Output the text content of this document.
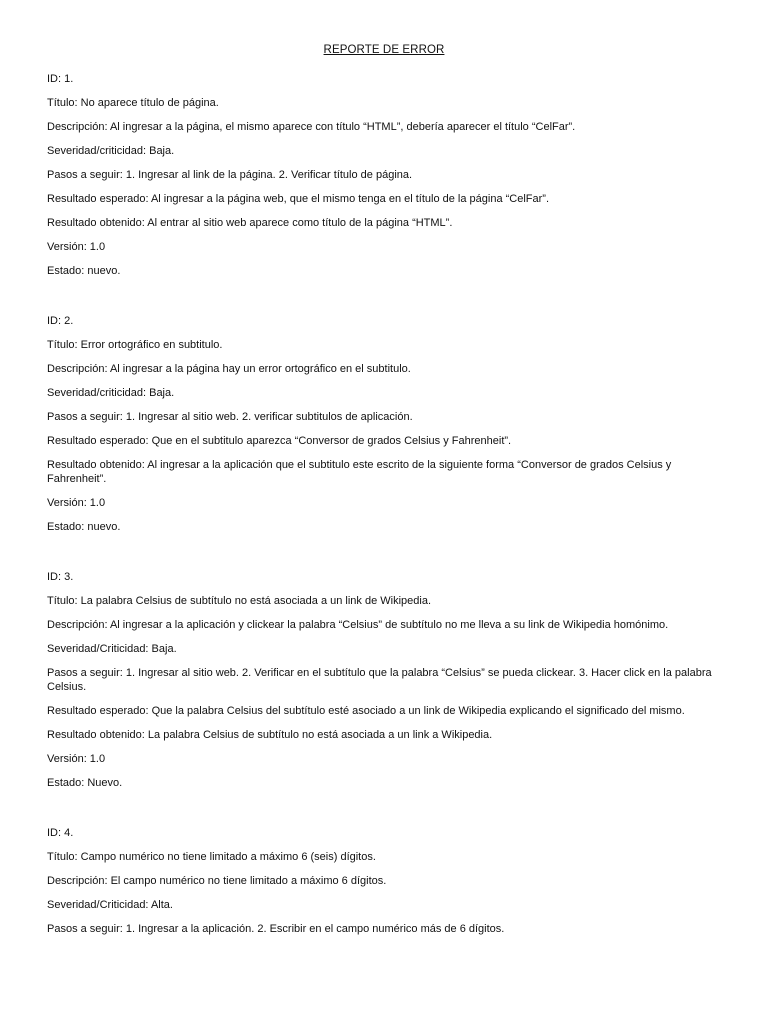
REPORTE DE ERROR
ID: 1.
Título: No aparece título de página.
Descripción: Al ingresar a la página, el mismo aparece con título “HTML”, debería aparecer el título “CelFar”.
Severidad/criticidad: Baja.
Pasos a seguir: 1. Ingresar al link de la página. 2. Verificar título de página.
Resultado esperado: Al ingresar a la página web, que el mismo tenga en el título de la página “CelFar”.
Resultado obtenido: Al entrar al sitio web aparece como título de la página “HTML”.
Versión: 1.0
Estado: nuevo.
ID: 2.
Título: Error ortográfico en subtitulo.
Descripción: Al ingresar a la página hay un error ortográfico en el subtitulo.
Severidad/criticidad: Baja.
Pasos a seguir: 1. Ingresar al sitio web. 2. verificar subtitulos de aplicación.
Resultado esperado: Que en el subtitulo aparezca “Conversor de grados Celsius y Fahrenheit”.
Resultado obtenido: Al ingresar a la aplicación que el subtitulo este escrito de la siguiente forma “Conversor de grados Celsius y Fahrenheit”.
Versión: 1.0
Estado: nuevo.
ID: 3.
Título: La palabra Celsius de subtítulo no está asociada a un link de Wikipedia.
Descripción: Al ingresar a la aplicación y clickear la palabra “Celsius” de subtítulo no me lleva a su link de Wikipedia homónimo.
Severidad/Criticidad: Baja.
Pasos a seguir: 1. Ingresar al sitio web. 2. Verificar en el subtítulo que la palabra “Celsius” se pueda clickear. 3. Hacer click en la palabra Celsius.
Resultado esperado: Que la palabra Celsius del subtítulo esté asociado a un link de Wikipedia explicando el significado del mismo.
Resultado obtenido: La palabra Celsius de subtítulo no está asociada a un link a Wikipedia.
Versión: 1.0
Estado: Nuevo.
ID: 4.
Título: Campo numérico no tiene limitado a máximo 6 (seis) dígitos.
Descripción: El campo numérico no tiene limitado a máximo 6 dígitos.
Severidad/Criticidad: Alta.
Pasos a seguir: 1. Ingresar a la aplicación. 2. Escribir en el campo numérico más de 6 dígitos.
